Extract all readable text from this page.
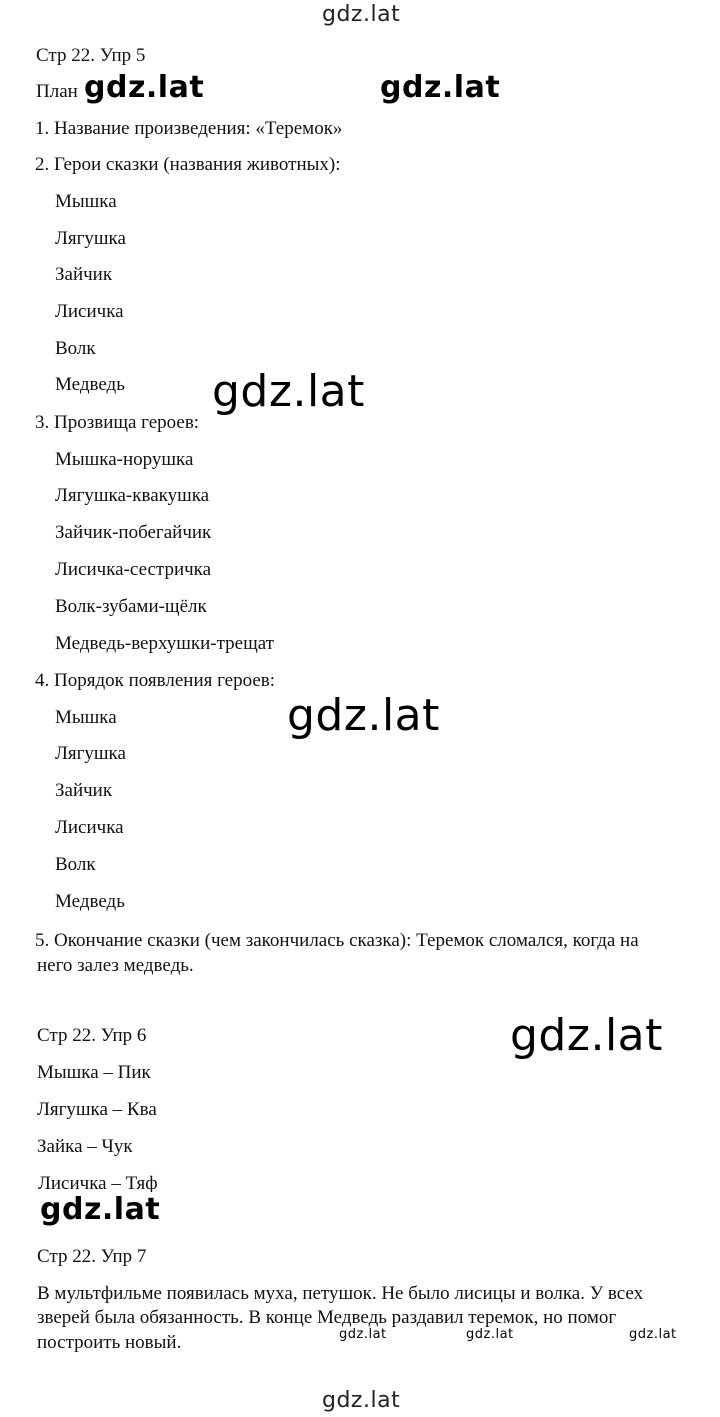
gdz.lat
gdz.lat	gdz.lat
gdz.lat
gdz.lat
gdz.lat
gdz.lat
gdz.lat	gdz.lat	gdz.lat
gdz.lat
Стр 22. Упр 5
План
1. Название произведения: «Теремок»
2. Герои сказки (названия животных):
Мышка
Лягушка
Зайчик
Лисичка
Волк
Медведь
3. Прозвища героев:
Мышка-норушка
Лягушка-квакушка
Зайчик-побегайчик
Лисичка-сестричка
Волк-зубами-щёлк
Медведь-верхушки-трещат
4. Порядок появления героев:
Мышка
Лягушка
Зайчик
Лисичка
Волк
Медведь
5. Окончание сказки (чем закончилась сказка): Теремок сломался, когда на
него залез медведь.
Стр 22. Упр 6
Мышка – Пик
Лягушка – Ква
Зайка – Чук
Лисичка – Тяф
Стр 22. Упр 7
В мультфильме появилась муха, петушок. Не было лисицы и волка. У всех
зверей была обязанность. В конце Медведь раздавил теремок, но помог
построить новый.
